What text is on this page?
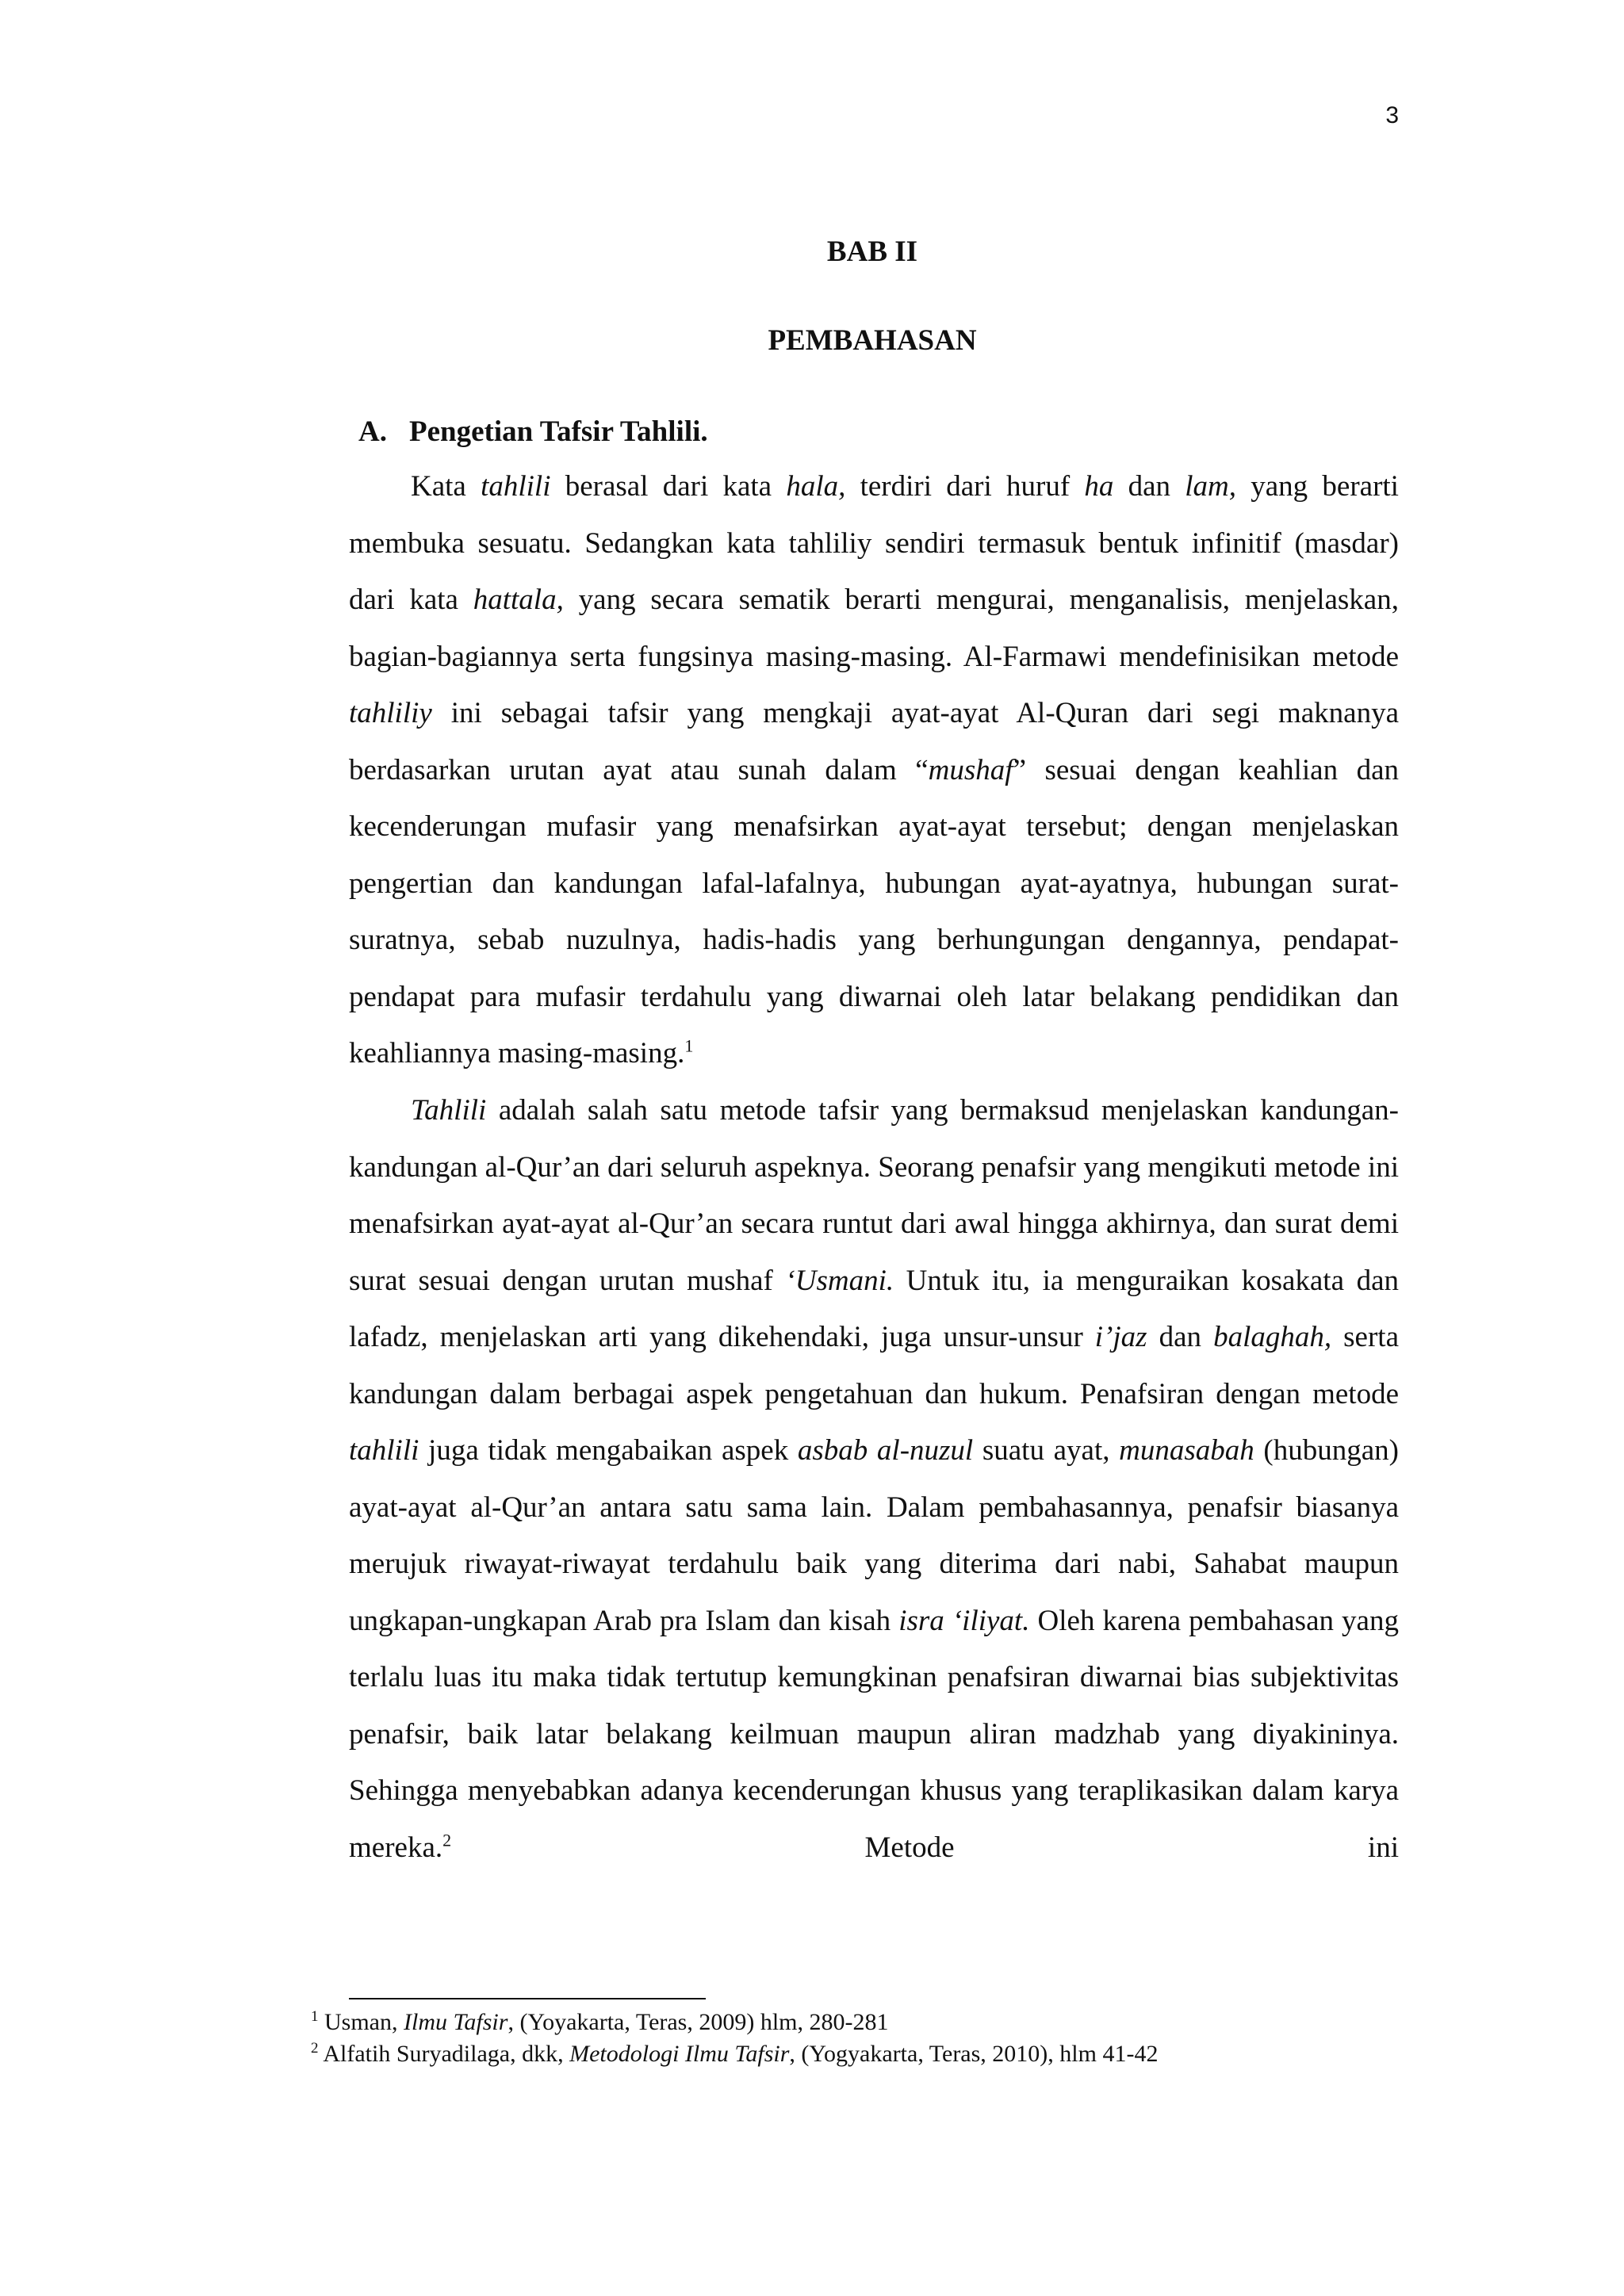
3
BAB II
PEMBAHASAN
A. Pengetian Tafsir Tahlili.

Kata tahlili berasal dari kata hala, terdiri dari huruf ha dan lam, yang berarti membuka sesuatu. Sedangkan kata tahliliy sendiri termasuk bentuk infinitif (masdar) dari kata hattala, yang secara sematik berarti mengurai, menganalisis, menjelaskan, bagian-bagiannya serta fungsinya masing-masing. Al-Farmawi mendefinisikan metode tahliliy ini sebagai tafsir yang mengkaji ayat-ayat Al-Quran dari segi maknanya berdasarkan urutan ayat atau sunah dalam “mushaf” sesuai dengan keahlian dan kecenderungan mufasir yang menafsirkan ayat-ayat tersebut; dengan menjelaskan pengertian dan kandungan lafal-lafalnya, hubungan ayat-ayatnya, hubungan surat-suratnya, sebab nuzulnya, hadis-hadis yang berhungungan dengannya, pendapat-pendapat para mufasir terdahulu yang diwarnai oleh latar belakang pendidikan dan keahliannya masing-masing.$^1$

Tahlili adalah salah satu metode tafsir yang bermaksud menjelaskan kandungan-kandungan al-Qur’an dari seluruh aspeknya. Seorang penafsir yang mengikuti metode ini menafsirkan ayat-ayat al-Qur’an secara runtut dari awal hingga akhirnya, dan surat demi surat sesuai dengan urutan mushaf ‘Usmani. Untuk itu, ia menguraikan kosakata dan lafadz, menjelaskan arti yang dikehendaki, juga unsur-unsur i’jaz dan balaghah, serta kandungan dalam berbagai aspek pengetahuan dan hukum. Penafsiran dengan metode tahlili juga tidak mengabaikan aspek asbab al-nuzul suatu ayat, munasabah (hubungan) ayat-ayat al-Qur’an antara satu sama lain. Dalam pembahasannya, penafsir biasanya merujuk riwayat-riwayat terdahulu baik yang diterima dari nabi, Sahabat maupun ungkapan-ungkapan Arab pra Islam dan kisah isra ‘iliyat. Oleh karena pembahasan yang terlalu luas itu maka tidak tertutup kemungkinan penafsiran diwarnai bias subjektivitas penafsir, baik latar belakang keilmuan maupun aliran madzhab yang diyakininya. Sehingga menyebabkan adanya kecenderungan khusus yang teraplikasikan dalam karya mereka.$^2$ Metode ini

$^1$ Usman, Ilmu Tafsir, (Yoyakarta, Teras, 2009) hlm, 280-281
$^2$ Alfatih Suryadilaga, dkk, Metodologi Ilmu Tafsir, (Yogyakarta, Teras, 2010), hlm 41-42
